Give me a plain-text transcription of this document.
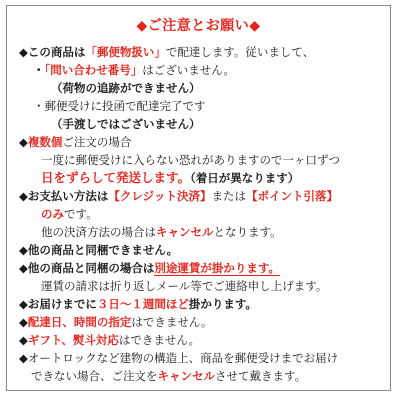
◆ご注意とお願い◆
◆この商品は「郵便物扱い」で配達します。従いまして、
・「問い合わせ番号」はございません。
（荷物の追跡ができません）
・郵便受けに投函で配達完了です
（手渡しではございません）
◆複数個ご注文の場合
一度に郵便受けに入らない恐れがありますので一ヶ口ずつ
日をずらして発送します。（着日が異なります）
◆お支払い方法は【クレジット決済】または【ポイント引落】
のみです。
他の決済方法の場合はキャンセルとなります。
◆他の商品と同梱できません。
◆他の商品と同梱の場合は別途運賃が掛かります。
運賃の請求は折り返しメール等でご連絡申し上げます。
◆お届けまでに３日～１週間ほど掛かります。
◆配達日、時間の指定はできません。
◆ギフト、熨斗対応はできません。
◆オートロックなど建物の構造上、商品を郵便受けまでお届け
できない場合、ご注文をキャンセルさせて戴きます。
